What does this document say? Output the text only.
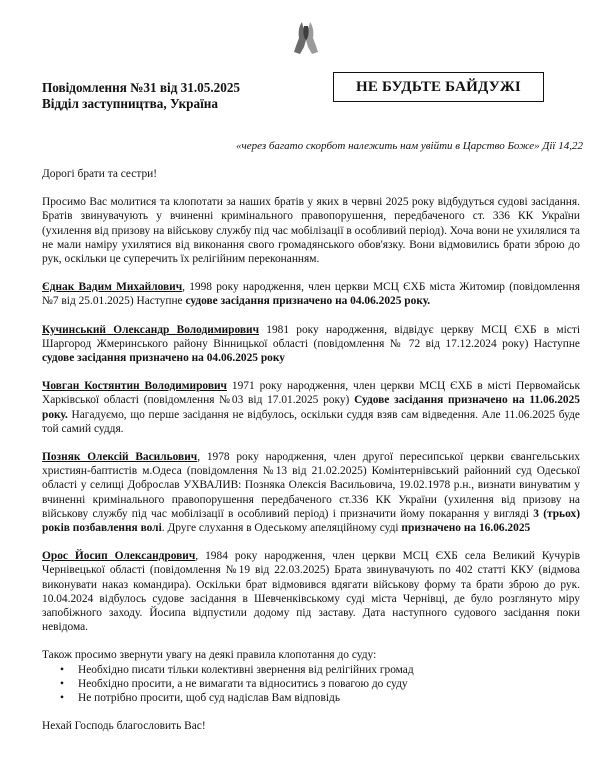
Повідомлення №31 від 31.05.2025
Відділ заступництва, Україна
НЕ БУДЬТЕ БАЙДУЖІ
«через багато скорбот належить нам увійти в Царство Боже» Дії 14,22

Дорогі брати та сестри!

Просимо Вас молитися та клопотати за наших братів у яких в червні 2025 року відбудуться судові засідання. Братів звинувачують у вчиненні кримінального правопорушення, передбаченого ст. 336 КК України (ухилення від призову на військову службу під час мобілізації в особливий період). Хоча вони не ухилялися та не мали наміру ухилятися від виконання свого громадянського обов'язку. Вони відмовились брати зброю до рук, оскільки це суперечить їх релігійним переконанням.

Єднак Вадим Михайлович, 1998 року народження, член церкви МСЦ ЄХБ міста Житомир (повідомлення №7 від 25.01.2025) Наступне судове засідання призначено на 04.06.2025 року.

Кучинський Олександр Володимирович 1981 року народження, відвідує церкву МСЦ ЄХБ в місті Шаргород Жмеринського району Вінницької області (повідомлення № 72 від 17.12.2024 року) Наступне судове засідання призначено на 04.06.2025 року

Човган Костянтин Володимирович 1971 року народження, член церкви МСЦ ЄХБ в місті Первомайськ Харківської області (повідомлення №03 від 17.01.2025 року) Судове засідання призначено на 11.06.2025 року. Нагадуємо, що перше засідання не відбулось, оскільки суддя взяв сам відведення. Але 11.06.2025 буде той самий суддя.

Позняк Олексій Васильович, 1978 року народження, член другої пересипської церкви євангельських християн-баптистів м.Одеса (повідомлення №13 від 21.02.2025) Комінтернівський районний суд Одеської області у селищі Доброслав УХВАЛИВ: Позняка Олексія Васильовича, 19.02.1978 р.н., визнати винуватим у вчиненні кримінального правопорушення передбаченого ст.336 КК України (ухилення від призову на військову службу під час мобілізації в особливий період) і призначити йому покарання у вигляді 3 (трьох) років позбавлення волі. Друге слухання в Одеському апеляційному суді призначено на 16.06.2025

Орос Йосип Олександрович, 1984 року народження, член церкви МСЦ ЄХБ села Великий Кучурів Чернівецької області (повідомлення №19 від 22.03.2025) Брата звинувачують по 402 статті ККУ (відмова виконувати наказ командира). Оскільки брат відмовився вдягати військову форму та брати зброю до рук. 10.04.2024 відбулось судове засідання в Шевченківському суді міста Чернівці, де було розглянуто міру запобіжного заходу. Йосипа відпустили додому під заставу. Дата наступного судового засідання поки невідома.

Також просимо звернути увагу на деякі правила клопотання до суду:

• Необхідно писати тільки колективні звернення від релігійних громад
• Необхідно просити, а не вимагати та відноситись з повагою до суду
• Не потрібно просити, щоб суд надіслав Вам відповідь

Нехай Господь благословить Вас!
